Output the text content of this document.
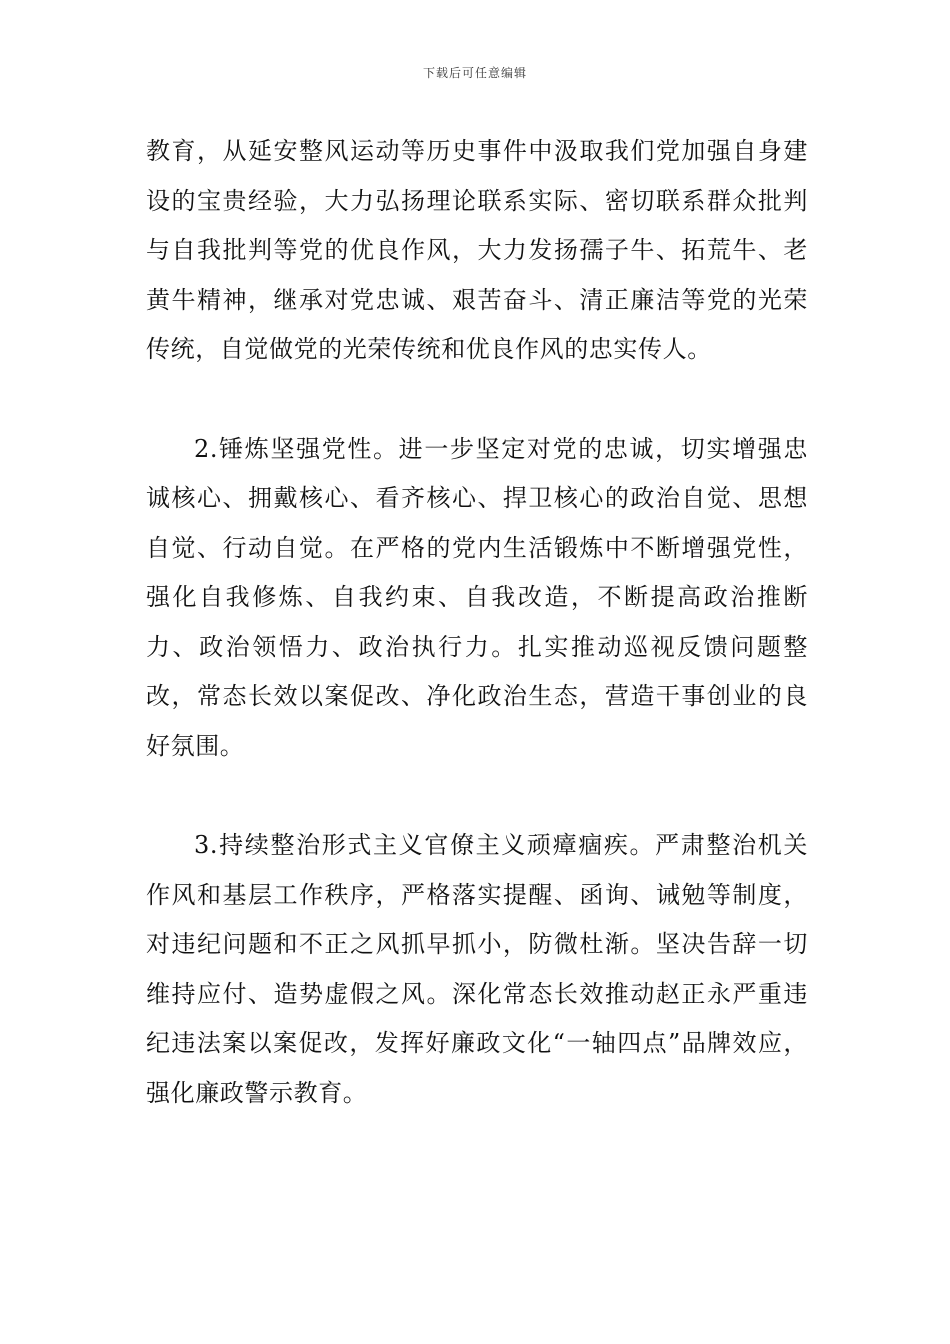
下载后可任意编辑

教育，从延安整风运动等历史事件中汲取我们党加强自身建设的宝贵经验，大力弘扬理论联系实际、密切联系群众批判与自我批判等党的优良作风，大力发扬孺子牛、拓荒牛、老黄牛精神，继承对党忠诚、艰苦奋斗、清正廉洁等党的光荣传统，自觉做党的光荣传统和优良作风的忠实传人。

2.锤炼坚强党性。进一步坚定对党的忠诚，切实增强忠诚核心、拥戴核心、看齐核心、捍卫核心的政治自觉、思想自觉、行动自觉。在严格的党内生活锻炼中不断增强党性，强化自我修炼、自我约束、自我改造，不断提高政治推断力、政治领悟力、政治执行力。扎实推动巡视反馈问题整改，常态长效以案促改、净化政治生态，营造干事创业的良好氛围。

3.持续整治形式主义官僚主义顽瘴痼疾。严肃整治机关作风和基层工作秩序，严格落实提醒、函询、诫勉等制度，对违纪问题和不正之风抓早抓小，防微杜渐。坚决告辞一切维持应付、造势虚假之风。深化常态长效推动赵正永严重违纪违法案以案促改，发挥好廉政文化“一轴四点”品牌效应，强化廉政警示教育。
